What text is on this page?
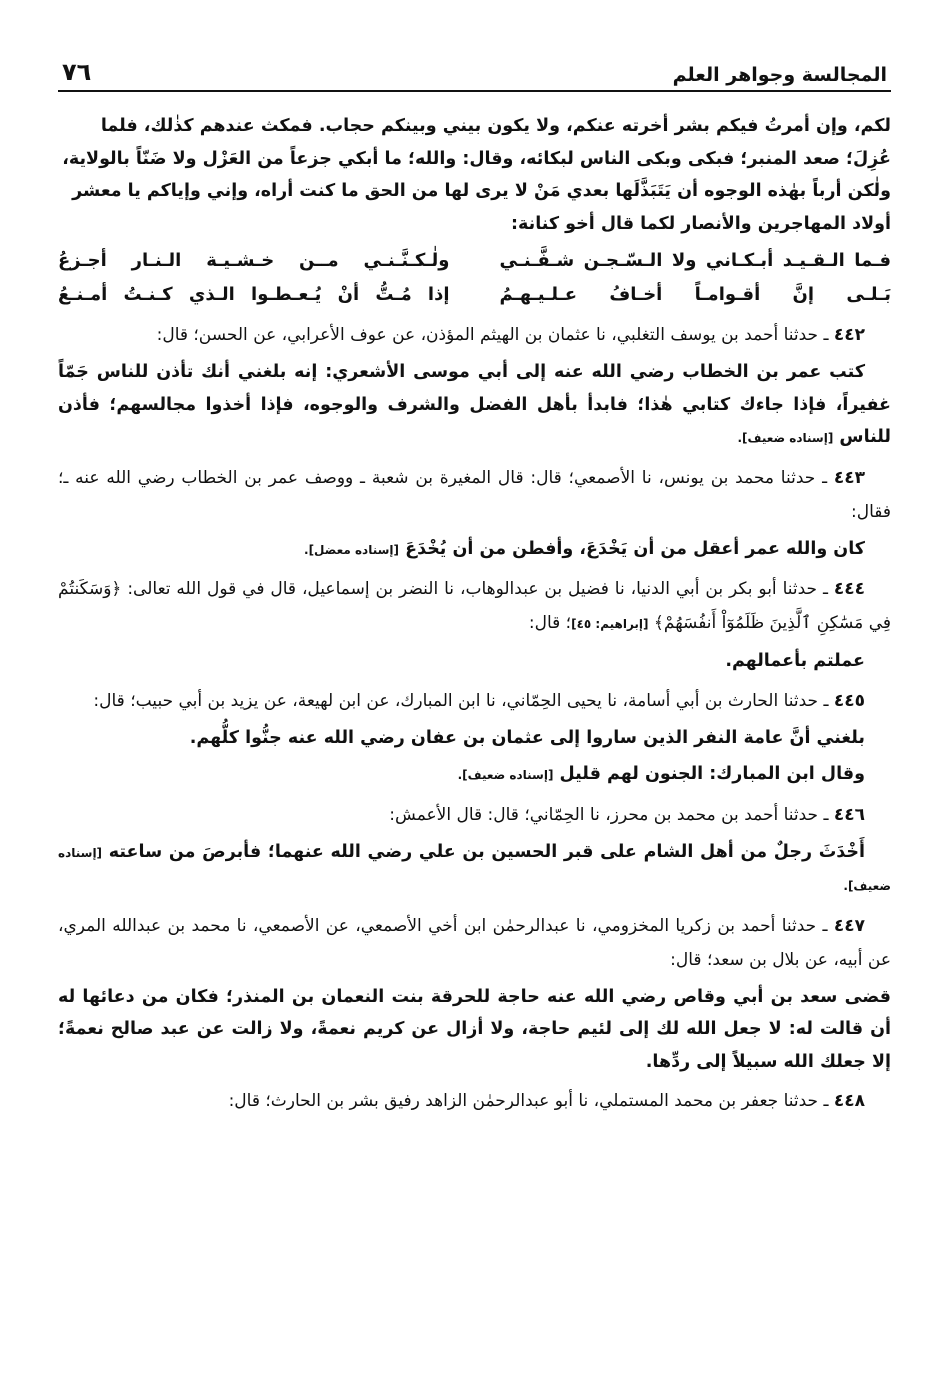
المجالسة وجواهر العلم
٧٦

لكم، وإن أمرتُ فيكم بشر أخرته عنكم، ولا يكون بيني وبينكم حجاب. فمكث عندهم كذٰلك، فلما

عُزِلَ؛ صعد المنبر؛ فبكى وبكى الناس لبكائه، وقال: والله؛ ما أبكي جزعاً من العَزْل ولا ضَنّاً بالولاية،

ولٰكن أرباً بهٰذه الوجوه أن يَتَبَذَّلَها بعدي مَنْ لا يرى لها من الحق ما كنت أراه، وإني وإياكم يا معشر

أولاد المهاجرين والأنصار لكما قال أخو كنانة:

فـما الـقـيـد أبـكـاني ولا الـسّـجـن شـفَّـنـي
ولٰـكـنَّـنـي مــن خـشـيـة الـنـار أجـزعُ
بَـلـى إنَّ أقـوامـاً أخـافُ عـلـيـهـمُ
إذا مُـتُّ أنْ يُـعـطـوا الـذي كـنـتُ أمـنـعُ

٤٤٢ ـ حدثنا أحمد بن يوسف التغلبي، نا عثمان بن الهيثم المؤذن، عن عوف الأعرابي، عن الحسن؛ قال:

كتب عمر بن الخطاب رضي الله عنه إلى أبي موسى الأشعري: إنه بلغني أنك تأذن للناس جَمّاً غفيراً، فإذا جاءك كتابي هٰذا؛ فابدأ بأهل الفضل والشرف والوجوه، فإذا أخذوا مجالسهم؛ فأذن للناس [إسناده ضعيف].

٤٤٣ ـ حدثنا محمد بن يونس، نا الأصمعي؛ قال: قال المغيرة بن شعبة ـ ووصف عمر بن الخطاب رضي الله عنه ـ؛ فقال:

كان والله عمر أعقل من أن يَخْدَعَ، وأفطن من أن يُخْدَعَ [إسناده معضل].

٤٤٤ ـ حدثنا أبو بكر بن أبي الدنيا، نا فضيل بن عبدالوهاب، نا النضر بن إسماعيل، قال في قول الله تعالى: ﴿وَسَكَنتُمْ فِي مَسَٰكِنِ ٱلَّذِينَ ظَلَمُوٓاْ أَنفُسَهُمْ﴾ [إبراهيم: ٤٥]؛ قال:

عملتم بأعمالهم.

٤٤٥ ـ حدثنا الحارث بن أبي أسامة، نا يحيى الحِمّاني، نا ابن المبارك، عن ابن لهيعة، عن يزيد بن أبي حبيب؛ قال:

بلغني أنَّ عامة النفر الذين ساروا إلى عثمان بن عفان رضي الله عنه جنُّوا كلُّهم.

وقال ابن المبارك: الجنون لهم قليل [إسناده ضعيف].

٤٤٦ ـ حدثنا أحمد بن محمد بن محرز، نا الحِمّاني؛ قال: قال الأعمش:

أَخْدَثَ رجلٌ من أهل الشام على قبر الحسين بن علي رضي الله عنهما؛ فأبرصَ من ساعته [إسناده ضعيف].

٤٤٧ ـ حدثنا أحمد بن زكريا المخزومي، نا عبدالرحمٰن ابن أخي الأصمعي، عن الأصمعي، نا محمد بن عبدالله المري، عن أبيه، عن بلال بن سعد؛ قال:

قضى سعد بن أبي وقاص رضي الله عنه حاجة للحرقة بنت النعمان بن المنذر؛ فكان من دعائها له أن قالت له: لا جعل الله لك إلى لئيم حاجة، ولا أزال عن كريم نعمةً، ولا زالت عن عبد صالح نعمةً؛ إلا جعلك الله سبيلاً إلى ردِّها.

٤٤٨ ـ حدثنا جعفر بن محمد المستملي، نا أبو عبدالرحمٰن الزاهد رفيق بشر بن الحارث؛ قال:
